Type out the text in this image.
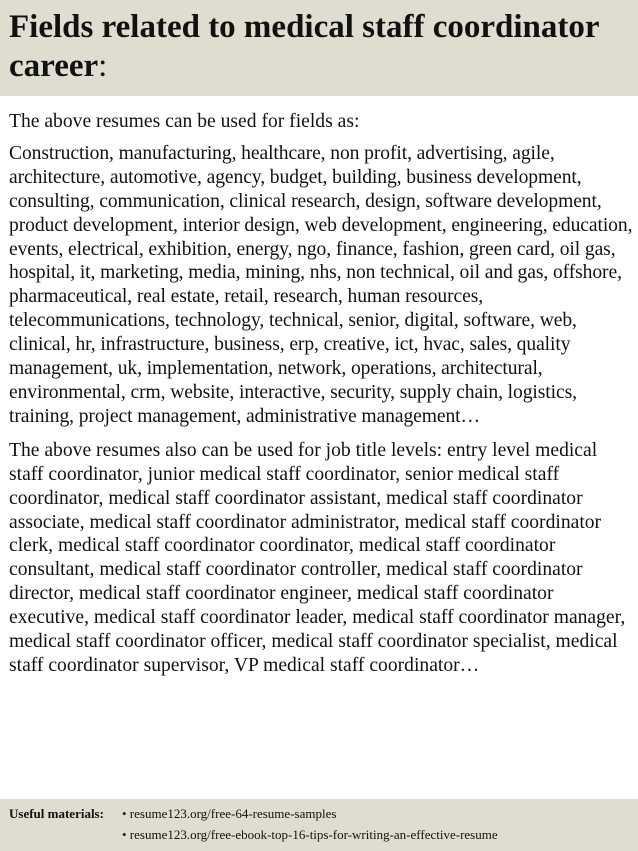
Fields related to medical staff coordinator career:

The above resumes can be used for fields as:

Construction, manufacturing, healthcare, non profit, advertising, agile, architecture, automotive, agency, budget, building, business development, consulting, communication, clinical research, design, software development, product development, interior design, web development, engineering, education, events, electrical, exhibition, energy, ngo, finance, fashion, green card, oil gas, hospital, it, marketing, media, mining, nhs, non technical, oil and gas, offshore, pharmaceutical, real estate, retail, research, human resources, telecommunications, technology, technical, senior, digital, software, web, clinical, hr, infrastructure, business, erp, creative, ict, hvac, sales, quality management, uk, implementation, network, operations, architectural, environmental, crm, website, interactive, security, supply chain, logistics, training, project management, administrative management…

The above resumes also can be used for job title levels: entry level medical staff coordinator, junior medical staff coordinator, senior medical staff coordinator, medical staff coordinator assistant, medical staff coordinator associate, medical staff coordinator administrator, medical staff coordinator clerk, medical staff coordinator coordinator, medical staff coordinator consultant, medical staff coordinator controller, medical staff coordinator director, medical staff coordinator engineer, medical staff coordinator executive, medical staff coordinator leader, medical staff coordinator manager, medical staff coordinator officer, medical staff coordinator specialist, medical staff coordinator supervisor, VP medical staff coordinator…

Useful materials:	• resume123.org/free-64-resume-samples
• resume123.org/free-ebook-top-16-tips-for-writing-an-effective-resume
